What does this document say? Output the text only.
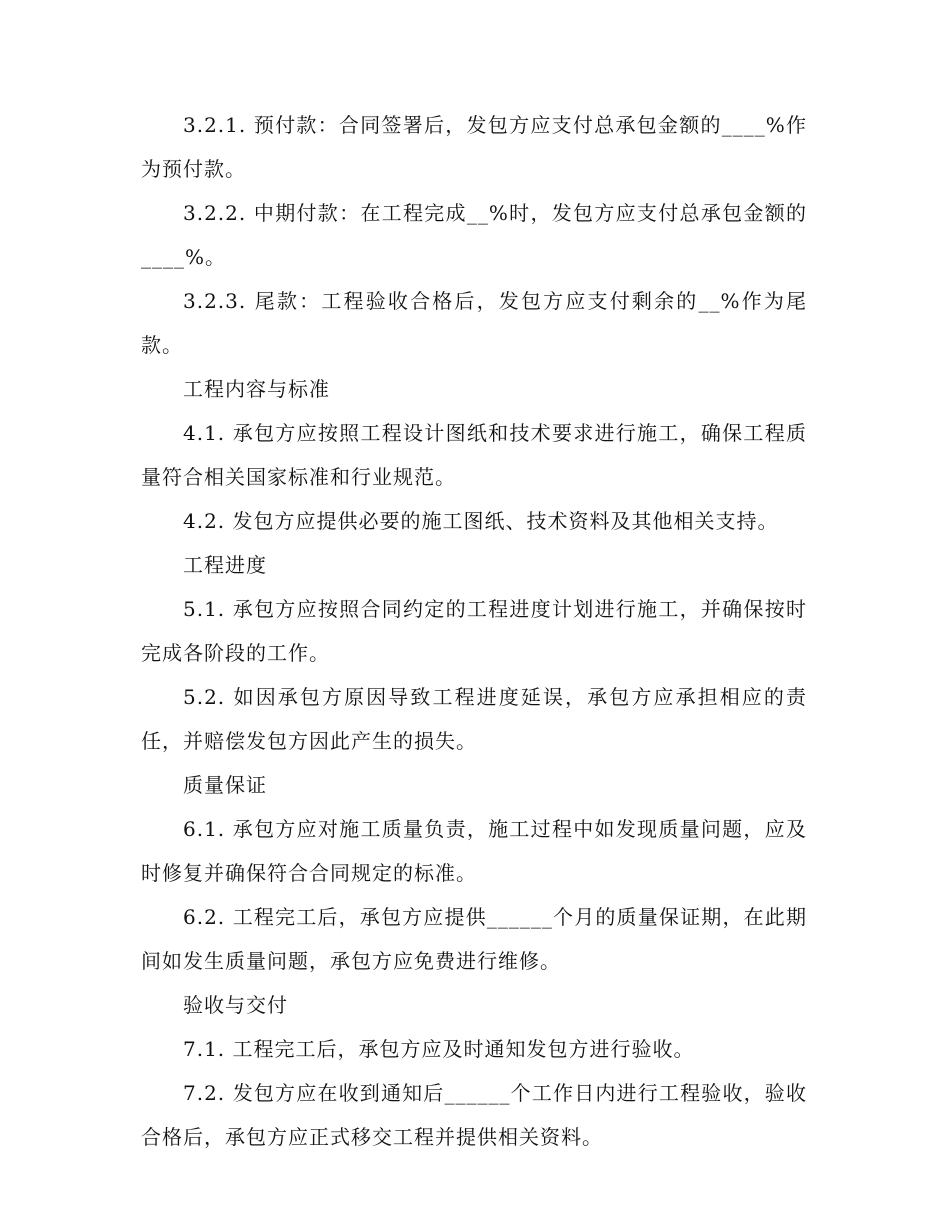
3.2.1. 预付款：合同签署后，发包方应支付总承包金额的____%作为预付款。

3.2.2. 中期付款：在工程完成__%时，发包方应支付总承包金额的____%。

3.2.3. 尾款：工程验收合格后，发包方应支付剩余的__%作为尾款。

工程内容与标准

4.1. 承包方应按照工程设计图纸和技术要求进行施工，确保工程质量符合相关国家标准和行业规范。

4.2. 发包方应提供必要的施工图纸、技术资料及其他相关支持。

工程进度

5.1. 承包方应按照合同约定的工程进度计划进行施工，并确保按时完成各阶段的工作。

5.2. 如因承包方原因导致工程进度延误，承包方应承担相应的责任，并赔偿发包方因此产生的损失。

质量保证

6.1. 承包方应对施工质量负责，施工过程中如发现质量问题，应及时修复并确保符合合同规定的标准。

6.2. 工程完工后，承包方应提供______个月的质量保证期，在此期间如发生质量问题，承包方应免费进行维修。

验收与交付

7.1. 工程完工后，承包方应及时通知发包方进行验收。

7.2. 发包方应在收到通知后______个工作日内进行工程验收，验收合格后，承包方应正式移交工程并提供相关资料。
